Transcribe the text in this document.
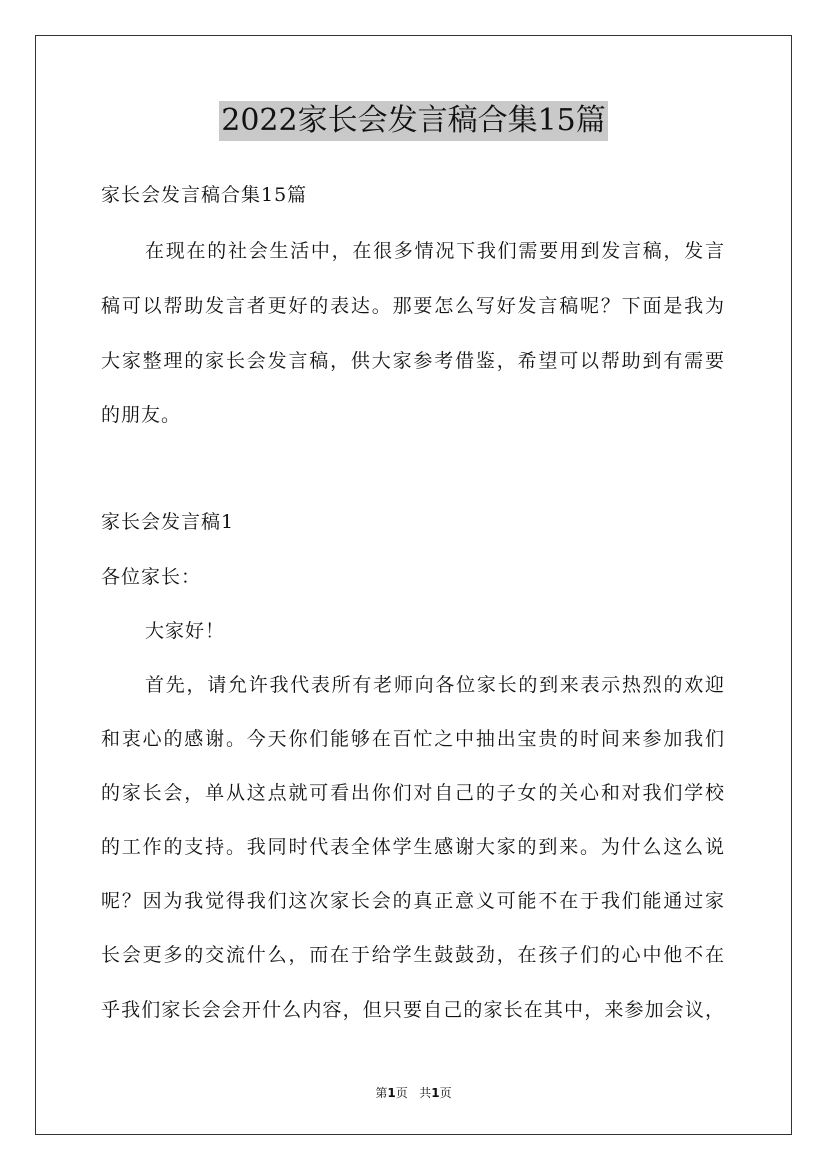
2022家长会发言稿合集15篇
家长会发言稿合集15篇
在现在的社会生活中，在很多情况下我们需要用到发言稿，发言
稿可以帮助发言者更好的表达。那要怎么写好发言稿呢？下面是我为
大家整理的家长会发言稿，供大家参考借鉴，希望可以帮助到有需要
的朋友。
家长会发言稿1
各位家长：
大家好！
首先，请允许我代表所有老师向各位家长的到来表示热烈的欢迎
和衷心的感谢。今天你们能够在百忙之中抽出宝贵的时间来参加我们
的家长会，单从这点就可看出你们对自己的子女的关心和对我们学校
的工作的支持。我同时代表全体学生感谢大家的到来。为什么这么说
呢？因为我觉得我们这次家长会的真正意义可能不在于我们能通过家
长会更多的交流什么，而在于给学生鼓鼓劲，在孩子们的心中他不在
乎我们家长会会开什么内容，但只要自己的家长在其中，来参加会议，
第1页 共1页
